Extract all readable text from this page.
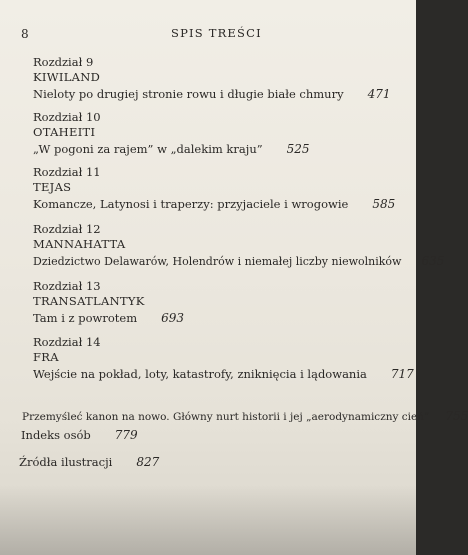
8	SPIS TREŚCI
Rozdział 9
KIWILAND
Nieloty po drugiej stronie rowu i długie białe chmury 471
Rozdział 10
OTAHEITI
„W pogoni za rajem” w „dalekim kraju” 525
Rozdział 11
TEJAS
Komancze, Latynosi i traperzy: przyjaciele i wrogowie 585
Rozdział 12
MANNAHATTA
Dziedzictwo Delawarów, Holendrów i niemałej liczby niewolników 635
Rozdział 13
TRANSATLANTYK
Tam i z powrotem 693
Rozdział 14
FRA
Wejście na pokład, loty, katastrofy, zniknięcia i lądowania 717
Przemyśleć kanon na nowo. Główny nurt historii i jej „aerodynamiczny cień” 755
Indeks osób 779
Źródła ilustracji 827
